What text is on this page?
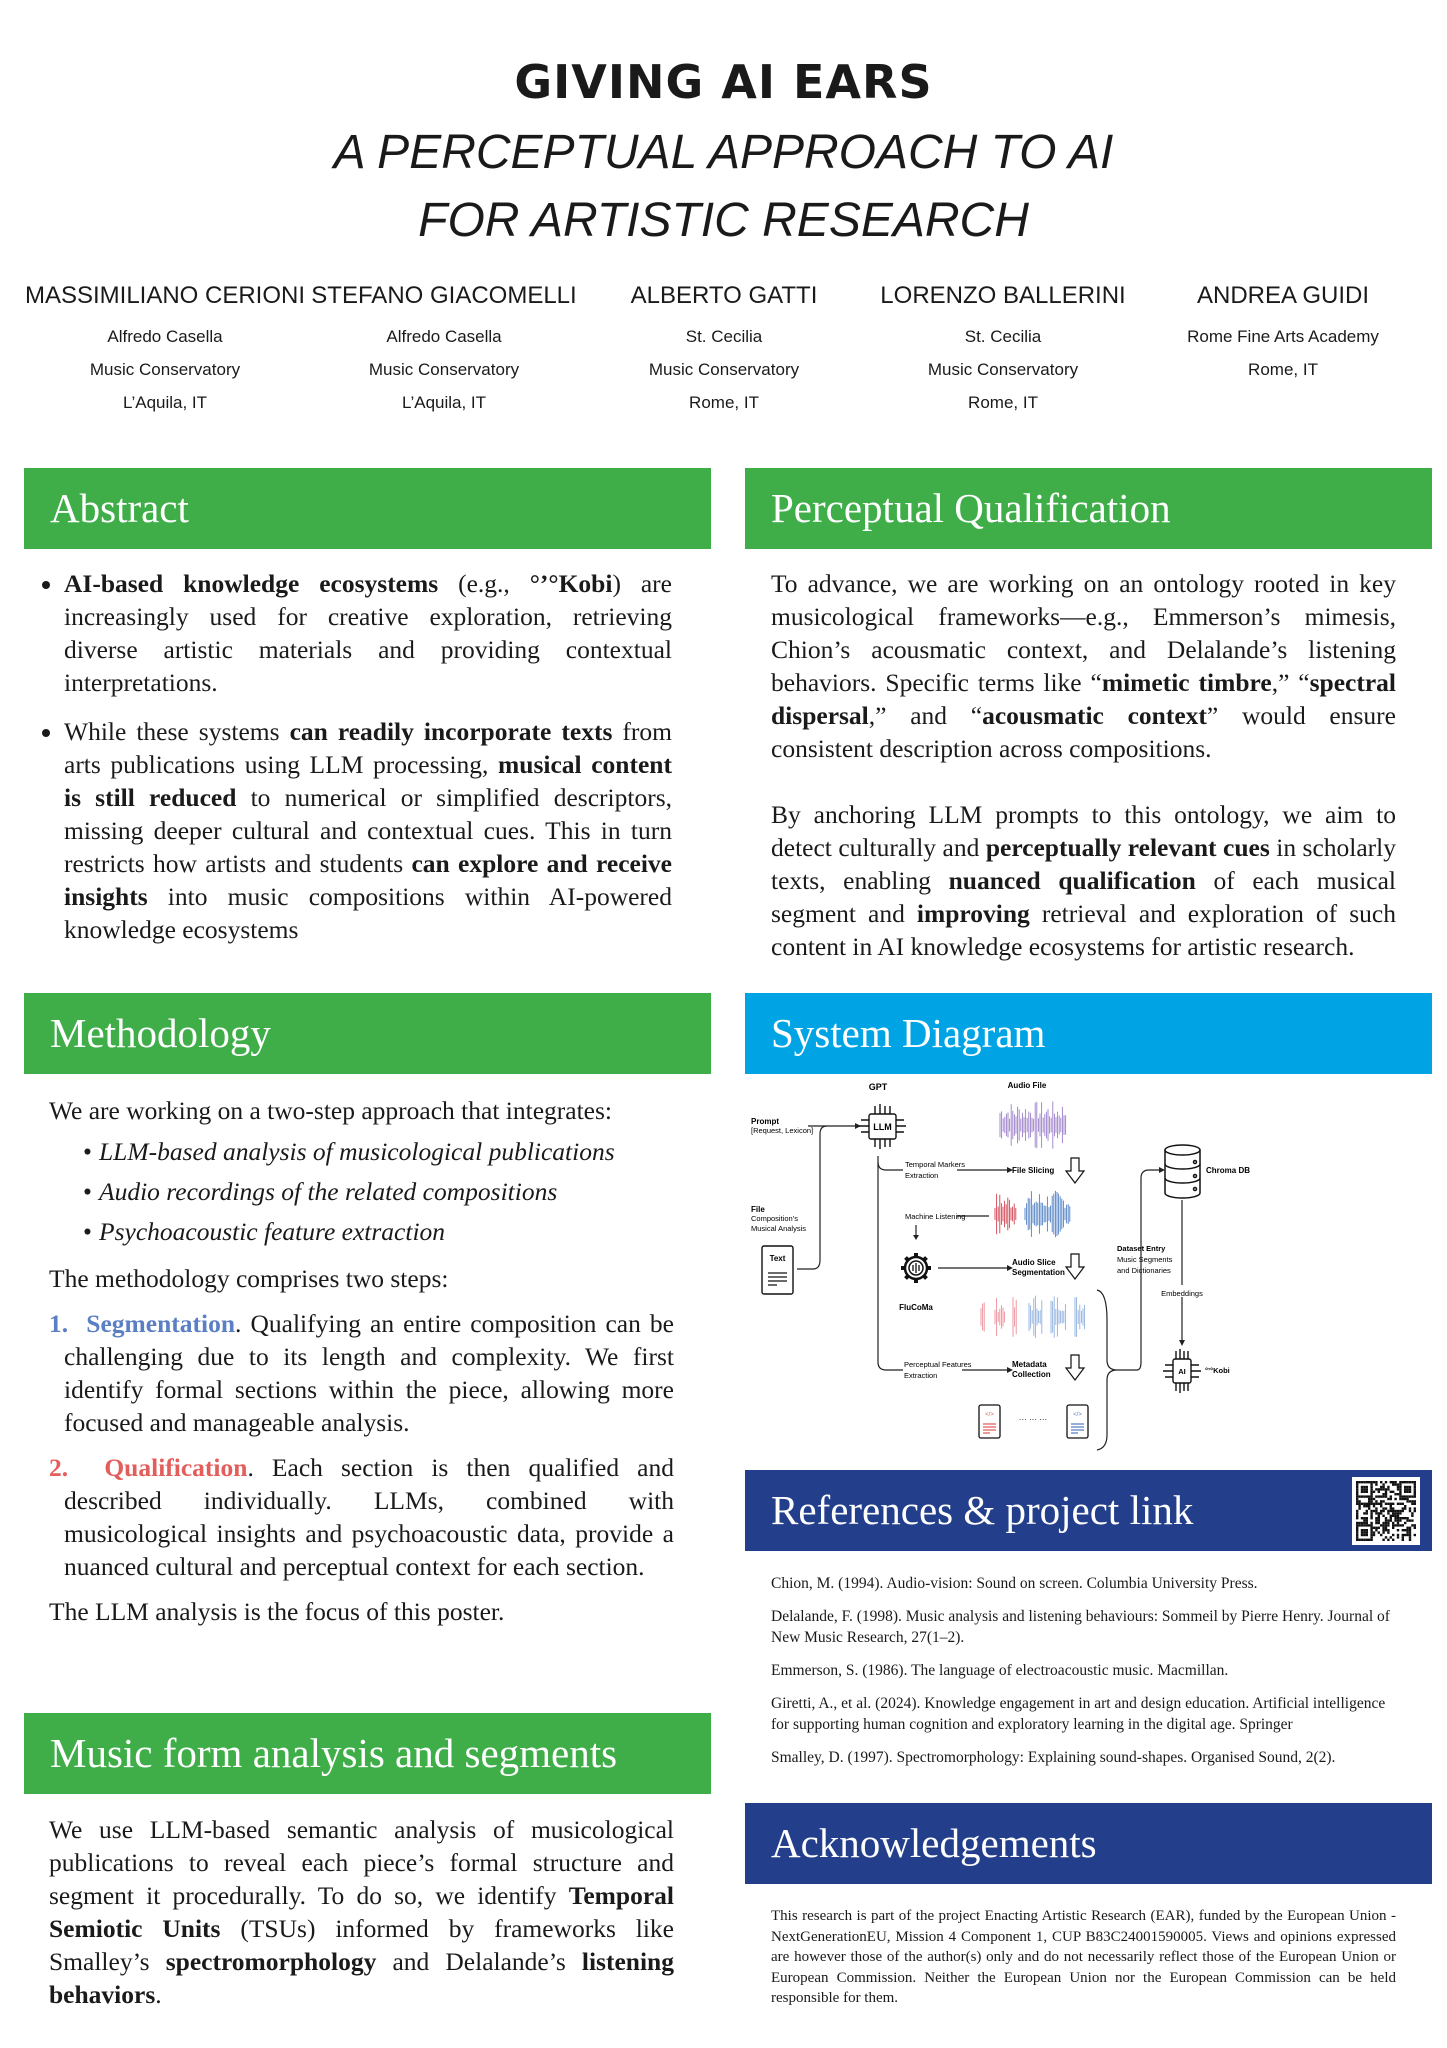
GIVING AI EARS
A PERCEPTUAL APPROACH TO AI
FOR ARTISTIC RESEARCH
MASSIMILIANO CERIONI
Alfredo Casella
Music Conservatory
L’Aquila, IT
STEFANO GIACOMELLI
Alfredo Casella
Music Conservatory
L’Aquila, IT
ALBERTO GATTI
St. Cecilia
Music Conservatory
Rome, IT
LORENZO BALLERINI
St. Cecilia
Music Conservatory
Rome, IT
ANDREA GUIDI
Rome Fine Arts Academy
Rome, IT
Abstract
• AI-based knowledge ecosystems (e.g., °’°Kobi) are increasingly used for creative exploration, retrieving diverse artistic materials and providing contextual interpretations.
• While these systems can readily incorporate texts from arts publications using LLM processing, musical content is still reduced to numerical or simplified descriptors, missing deeper cultural and contextual cues. This in turn restricts how artists and students can explore and receive insights into music compositions within AI-powered knowledge ecosystems
Perceptual Qualification

To advance, we are working on an ontology rooted in key musicological frameworks—e.g., Emmerson’s mimesis, Chion’s acousmatic context, and Delalande’s listening behaviors. Specific terms like “mimetic timbre,” “spectral dispersal,” and “acousmatic context” would ensure consistent description across compositions.

By anchoring LLM prompts to this ontology, we aim to detect culturally and perceptually relevant cues in scholarly texts, enabling nuanced qualification of each musical segment and improving retrieval and exploration of such content in AI knowledge ecosystems for artistic research.

Methodology

We are working on a two-step approach that integrates:

• LLM-based analysis of musicological publications
• Audio recordings of the related compositions
• Psychoacoustic feature extraction

The methodology comprises two steps:

1. Segmentation. Qualifying an entire composition can be challenging due to its length and complexity. We first identify formal sections within the piece, allowing more focused and manageable analysis.

2. Qualification. Each section is then qualified and described individually. LLMs, combined with musicological insights and psychoacoustic data, provide a nuanced cultural and perceptual context for each section.

The LLM analysis is the focus of this poster.

Music form analysis and segments

We use LLM-based semantic analysis of musicological publications to reveal each piece’s formal structure and segment it procedurally. To do so, we identify Temporal Semiotic Units (TSUs) informed by frameworks like Smalley’s spectromorphology and Delalande’s listening behaviors.

System Diagram
LLM
GPT
Prompt
[Request, Lexicon]
File
Composition’s
Musical Analysis
Text
Audio File
Temporal Markers
Extraction
File Slicing
Machine Listening
FluCoMa
Audio Slice
Segmentation
Perceptual Features
Extraction
Metadata
Collection
</>	</>
··· ··· ···
Chroma DB
Dataset Entry
Music Segments
and Dictionaries
Embeddings
AI	°’°Kobi
References & project link

Chion, M. (1994). Audio-vision: Sound on screen. Columbia University Press.

Delalande, F. (1998). Music analysis and listening behaviours: Sommeil by Pierre Henry. Journal of New Music Research, 27(1–2).

Emmerson, S. (1986). The language of electroacoustic music. Macmillan.

Giretti, A., et al. (2024). Knowledge engagement in art and design education. Artificial intelligence for supporting human cognition and exploratory learning in the digital age. Springer

Smalley, D. (1997). Spectromorphology: Explaining sound-shapes. Organised Sound, 2(2).

Acknowledgements
This research is part of the project Enacting Artistic Research (EAR), funded by the European Union - NextGenerationEU, Mission 4 Component 1, CUP B83C24001590005. Views and opinions expressed are however those of the author(s) only and do not necessarily reflect those of the European Union or European Commission. Neither the European Union nor the European Commission can be held responsible for them.
